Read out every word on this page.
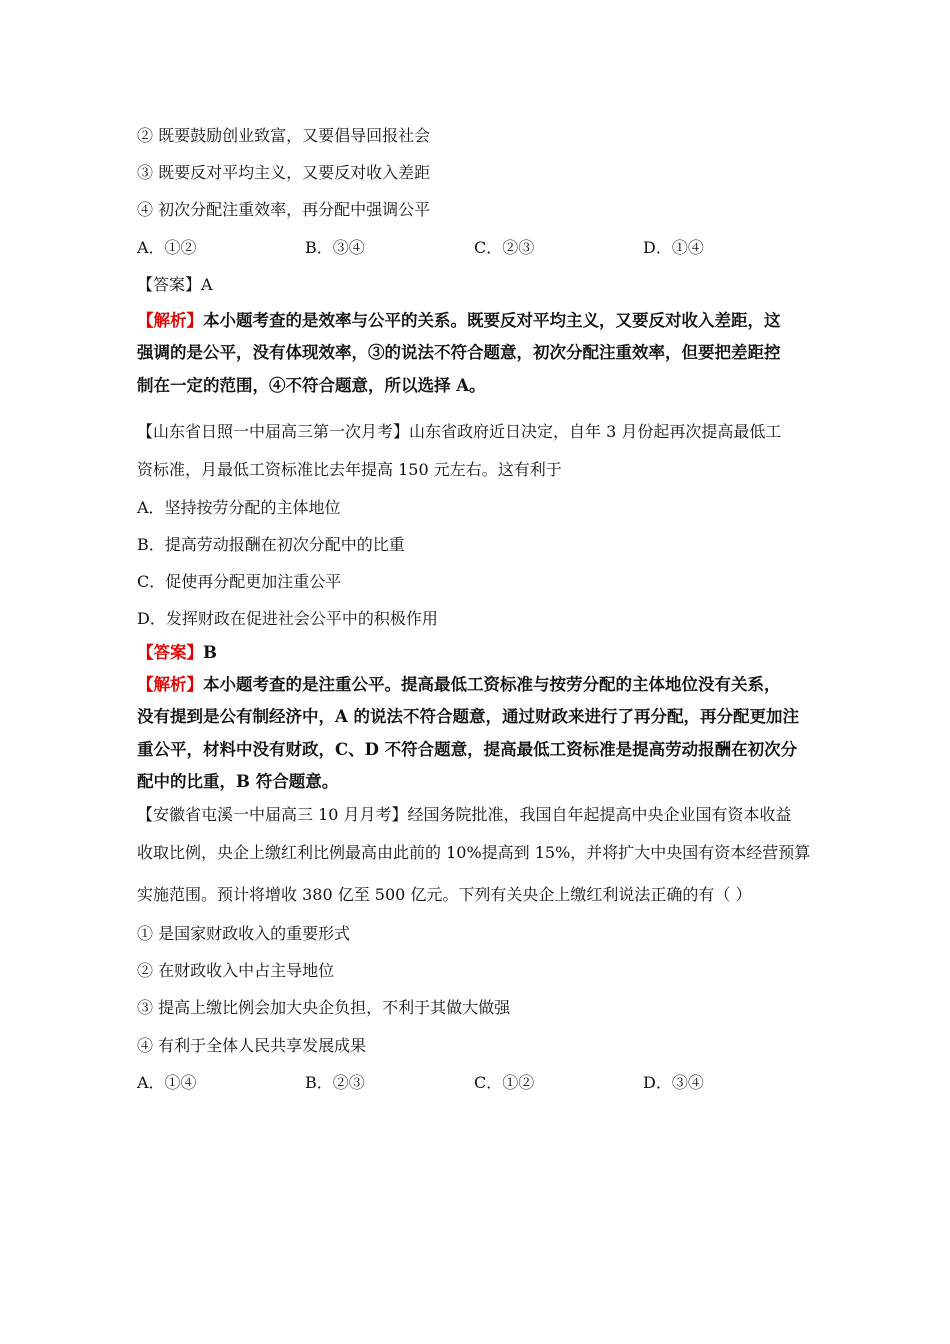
② 既要鼓励创业致富，又要倡导回报社会
③ 既要反对平均主义，又要反对收入差距
④ 初次分配注重效率，再分配中强调公平
A．①②	B．③④	C．②③	D．①④
【答案】A
【解析】本小题考查的是效率与公平的关系。既要反对平均主义，又要反对收入差距，这
强调的是公平，没有体现效率，③的说法不符合题意，初次分配注重效率，但要把差距控
制在一定的范围，④不符合题意，所以选择 A。
【山东省日照一中届高三第一次月考】山东省政府近日决定，自年 3 月份起再次提高最低工
资标准，月最低工资标准比去年提高 150 元左右。这有利于
A．坚持按劳分配的主体地位
B．提高劳动报酬在初次分配中的比重
C．促使再分配更加注重公平
D．发挥财政在促进社会公平中的积极作用
【答案】B
【解析】本小题考查的是注重公平。提高最低工资标准与按劳分配的主体地位没有关系，
没有提到是公有制经济中，A 的说法不符合题意，通过财政来进行了再分配，再分配更加注
重公平，材料中没有财政，C、D 不符合题意，提高最低工资标准是提高劳动报酬在初次分
配中的比重，B 符合题意。
【安徽省屯溪一中届高三 10 月月考】经国务院批准，我国自年起提高中央企业国有资本收益
收取比例，央企上缴红利比例最高由此前的 10%提高到 15%，并将扩大中央国有资本经营预算
实施范围。预计将增收 380 亿至 500 亿元。下列有关央企上缴红利说法正确的有（ ）
① 是国家财政收入的重要形式
② 在财政收入中占主导地位
③ 提高上缴比例会加大央企负担，不利于其做大做强
④ 有利于全体人民共享发展成果
A．①④	B．②③	C．①②	D．③④
